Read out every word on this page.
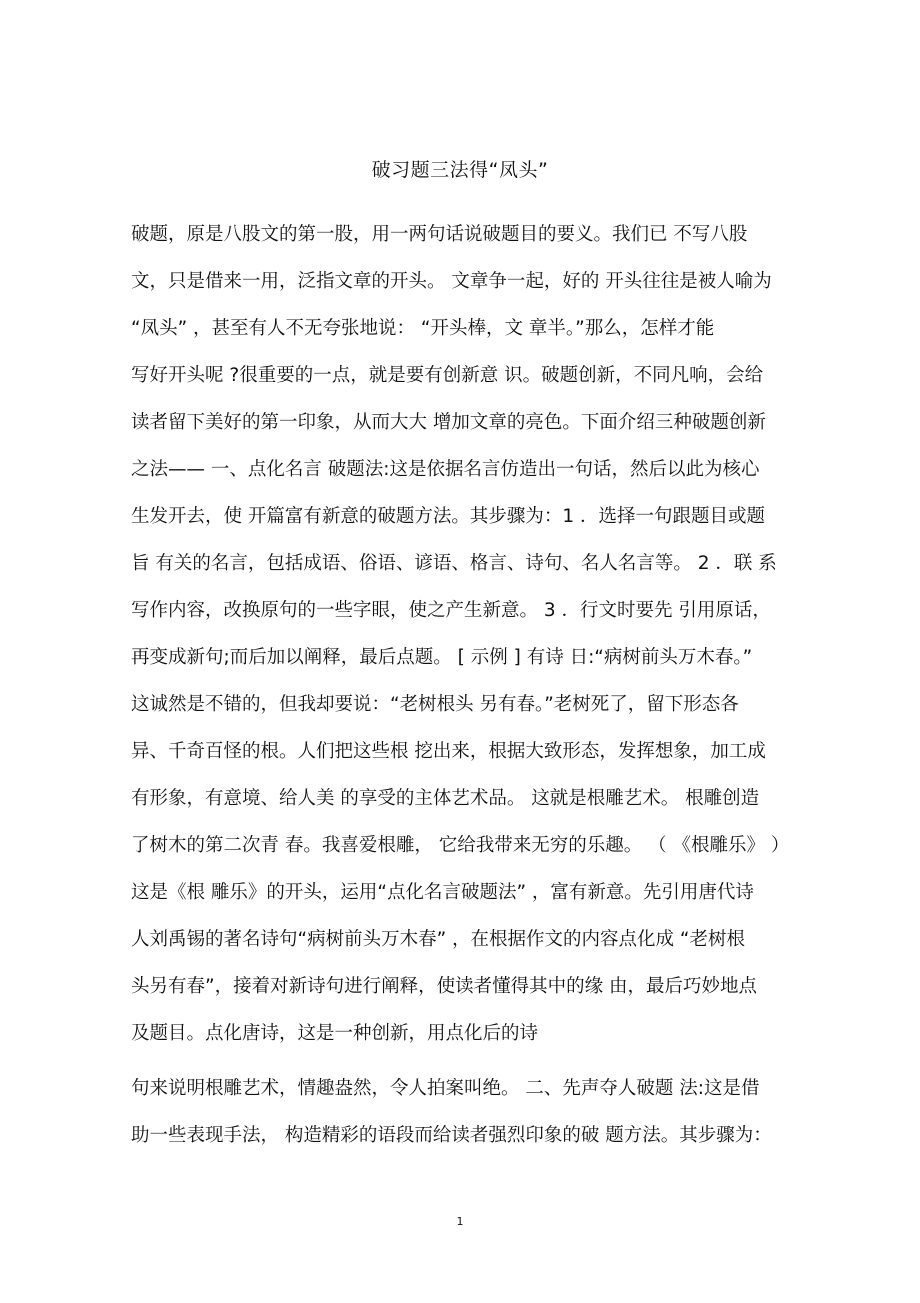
破习题三法得“凤头”
破题，原是八股文的第一股，用一两句话说破题目的要义。我们已 不写八股
文，只是借来一用，泛指文章的开头。 文章争一起，好的 开头往往是被人喻为
“凤头” ，甚至有人不无夸张地说： “开头棒，文 章半。”那么，怎样才能
写好开头呢 ?很重要的一点，就是要有创新意 识。破题创新，不同凡响，会给
读者留下美好的第一印象，从而大大 增加文章的亮色。下面介绍三种破题创新
之法—— 一、点化名言 破题法:这是依据名言仿造出一句话，然后以此为核心
生发开去，使 开篇富有新意的破题方法。其步骤为：1 ．选择一句跟题目或题
旨 有关的名言，包括成语、俗语、谚语、格言、诗句、名人名言等。 2 ．联 系
写作内容，改换原句的一些字眼，使之产生新意。 3 ．行文时要先 引用原话，
再变成新句;而后加以阐释，最后点题。 [ 示例 ] 有诗 日:“病树前头万木春。”
这诚然是不错的，但我却要说：“老树根头 另有春。”老树死了，留下形态各
异、千奇百怪的根。人们把这些根 挖出来，根据大致形态，发挥想象，加工成
有形象，有意境、给人美 的享受的主体艺术品。 这就是根雕艺术。 根雕创造
了树木的第二次青 春。我喜爱根雕， 它给我带来无穷的乐趣。 （ 《根雕乐》 ）
这是《根 雕乐》的开头，运用“点化名言破题法” ，富有新意。先引用唐代诗
人刘禹锡的著名诗句“病树前头万木春” ，在根据作文的内容点化成 “老树根
头另有春”，接着对新诗句进行阐释，使读者懂得其中的缘 由，最后巧妙地点
及题目。点化唐诗，这是一种创新，用点化后的诗
句来说明根雕艺术，情趣盎然，令人拍案叫绝。 二、先声夺人破题 法:这是借
助一些表现手法， 构造精彩的语段而给读者强烈印象的破 题方法。其步骤为：
1
